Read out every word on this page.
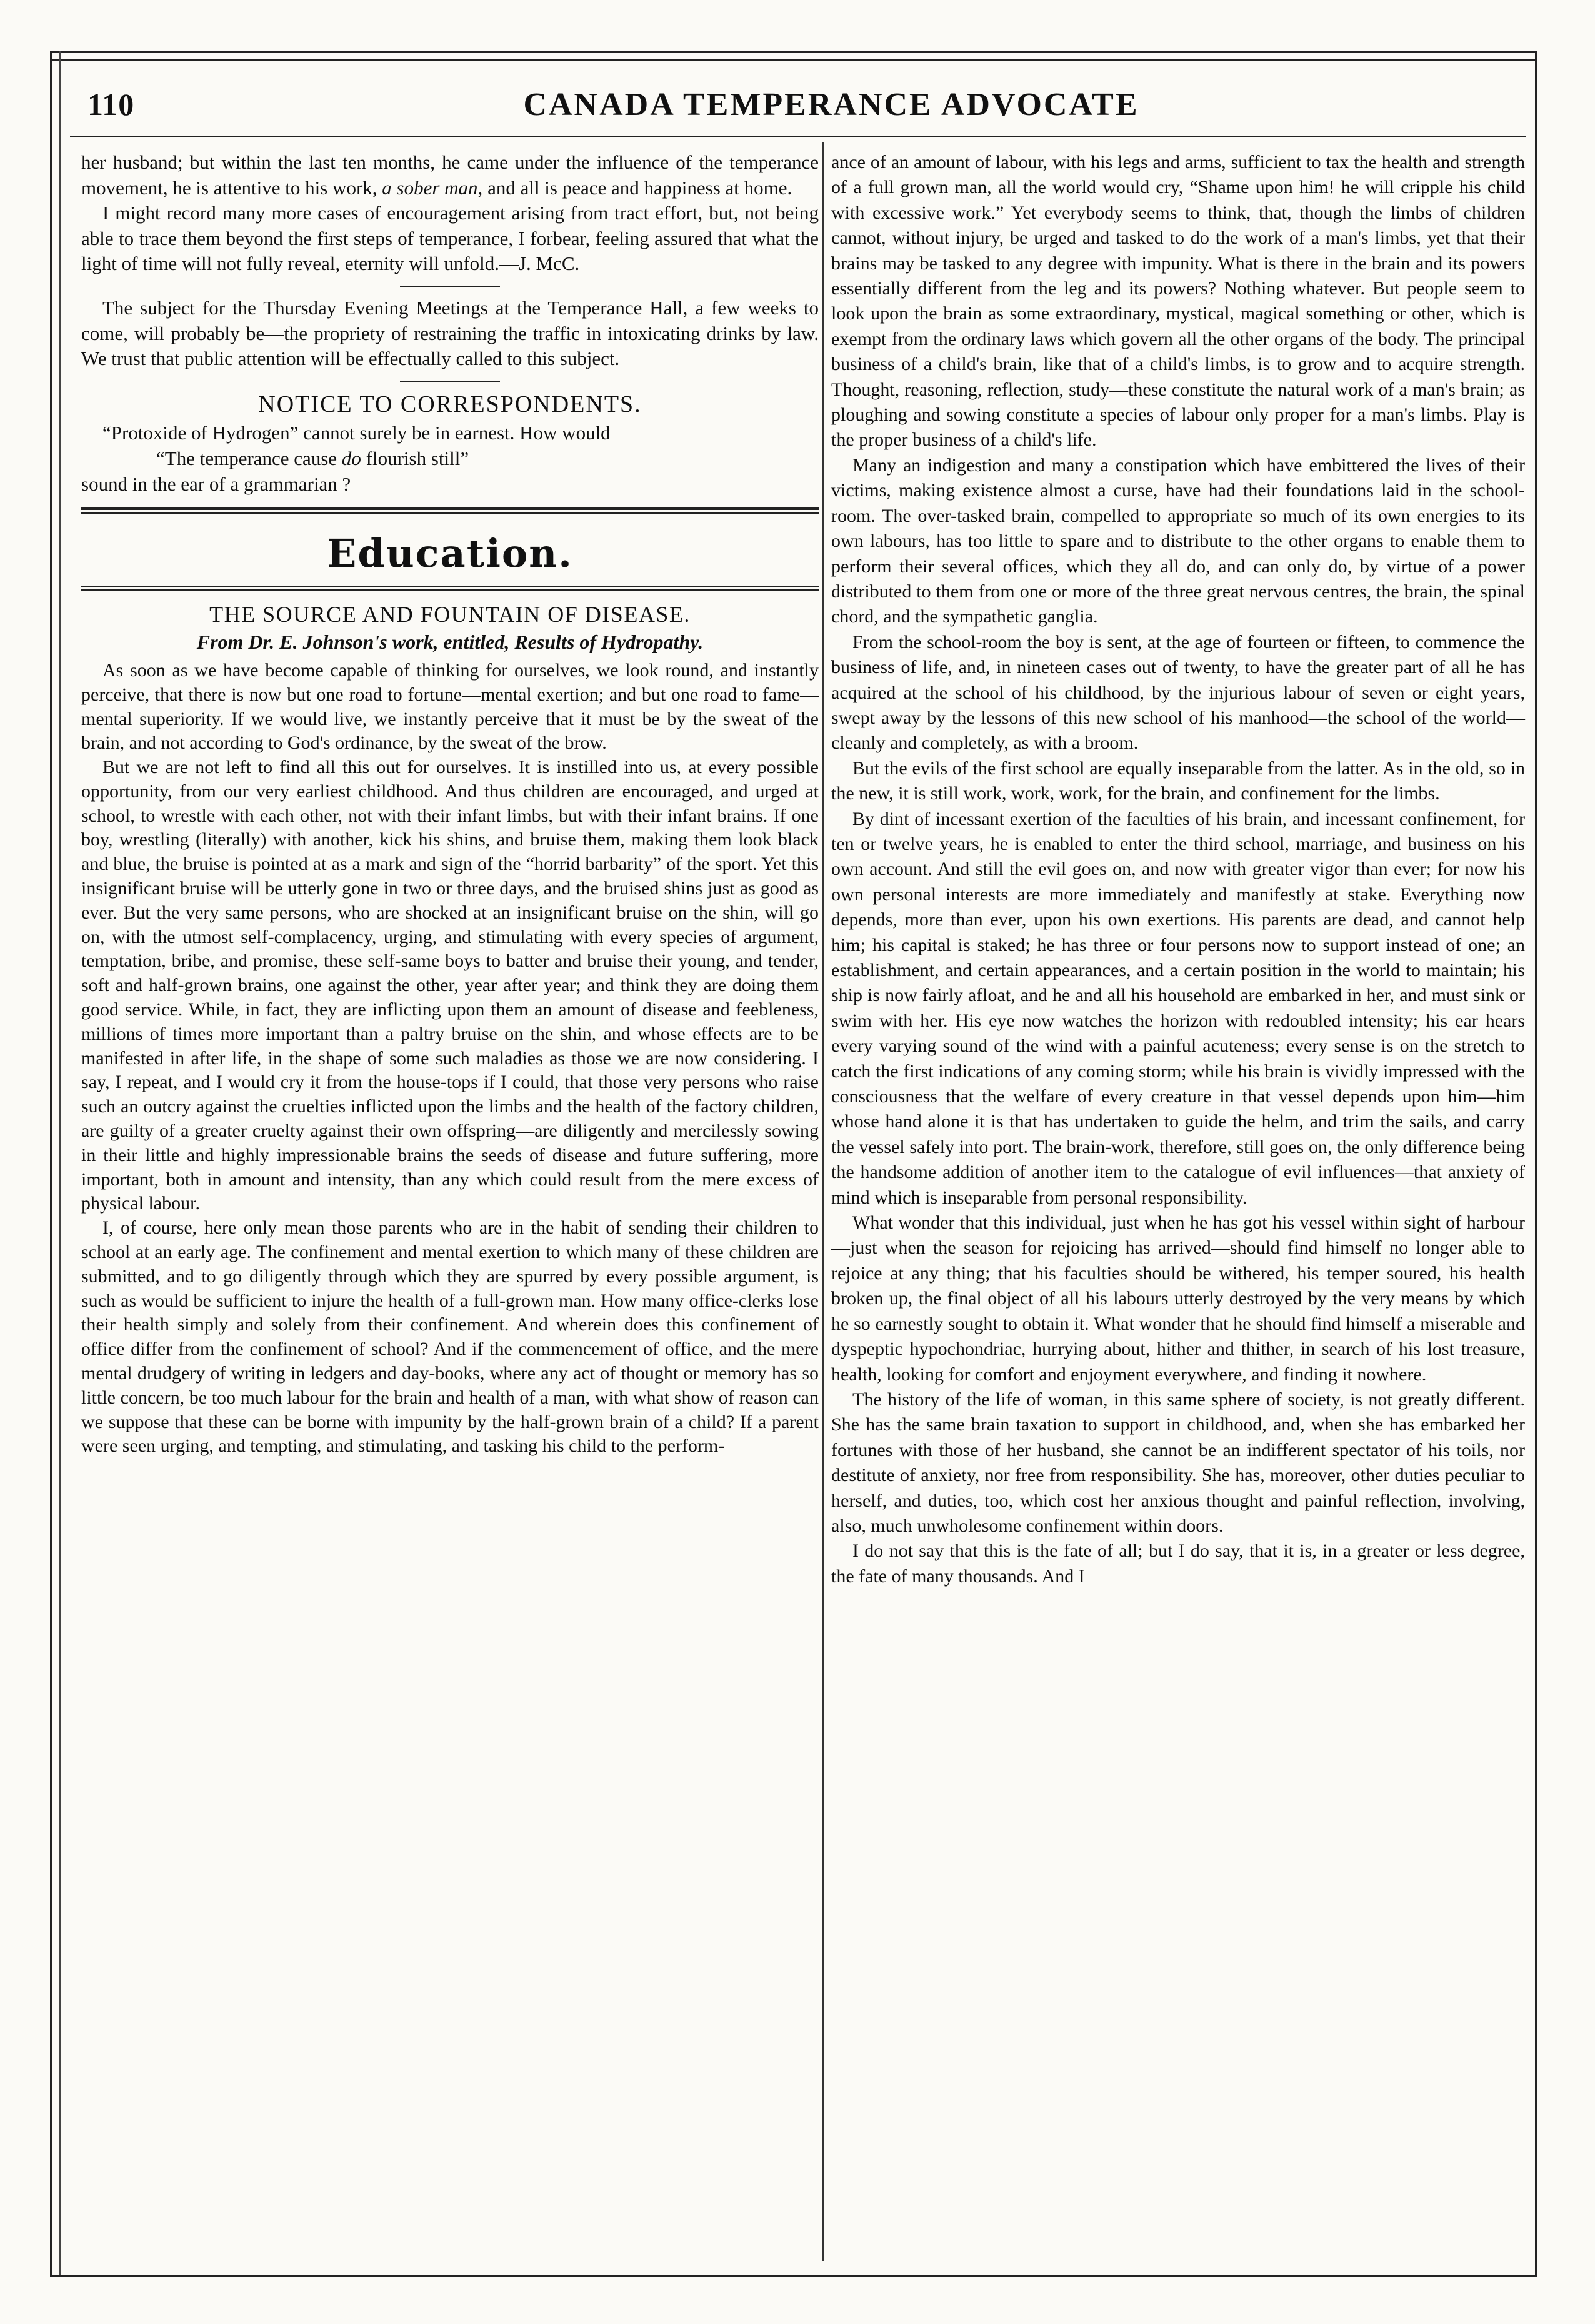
110	CANADA TEMPERANCE ADVOCATE

her husband; but within the last ten months, he came under the influence of the temperance movement, he is attentive to his work, a sober man, and all is peace and happiness at home.

I might record many more cases of encouragement arising from tract effort, but, not being able to trace them beyond the first steps of temperance, I forbear, feeling assured that what the light of time will not fully reveal, eternity will unfold.—J. McC.

The subject for the Thursday Evening Meetings at the Temperance Hall, a few weeks to come, will probably be—the propriety of restraining the traffic in intoxicating drinks by law. We trust that public attention will be effectually called to this subject.

NOTICE TO CORRESPONDENTS.

“Protoxide of Hydrogen” cannot surely be in earnest. How would

“The temperance cause do flourish still”

sound in the ear of a grammarian ?

Education.
THE SOURCE AND FOUNTAIN OF DISEASE.
From Dr. E. Johnson's work, entitled, Results of Hydropathy.

As soon as we have become capable of thinking for ourselves, we look round, and instantly perceive, that there is now but one road to fortune—mental exertion; and but one road to fame—mental superiority. If we would live, we instantly perceive that it must be by the sweat of the brain, and not according to God's ordinance, by the sweat of the brow.

But we are not left to find all this out for ourselves. It is instilled into us, at every possible opportunity, from our very earliest childhood. And thus children are encouraged, and urged at school, to wrestle with each other, not with their infant limbs, but with their infant brains. If one boy, wrestling (literally) with another, kick his shins, and bruise them, making them look black and blue, the bruise is pointed at as a mark and sign of the “horrid barbarity” of the sport. Yet this insignificant bruise will be utterly gone in two or three days, and the bruised shins just as good as ever. But the very same persons, who are shocked at an insignificant bruise on the shin, will go on, with the utmost self-complacency, urging, and stimulating with every species of argument, temptation, bribe, and promise, these self-same boys to batter and bruise their young, and tender, soft and half-grown brains, one against the other, year after year; and think they are doing them good service. While, in fact, they are inflicting upon them an amount of disease and feebleness, millions of times more important than a paltry bruise on the shin, and whose effects are to be manifested in after life, in the shape of some such maladies as those we are now considering. I say, I repeat, and I would cry it from the house-tops if I could, that those very persons who raise such an outcry against the cruelties inflicted upon the limbs and the health of the factory children, are guilty of a greater cruelty against their own offspring—are diligently and mercilessly sowing in their little and highly impressionable brains the seeds of disease and future suffering, more important, both in amount and intensity, than any which could result from the mere excess of physical labour.

I, of course, here only mean those parents who are in the habit of sending their children to school at an early age. The confinement and mental exertion to which many of these children are submitted, and to go diligently through which they are spurred by every possible argument, is such as would be sufficient to injure the health of a full-grown man. How many office-clerks lose their health simply and solely from their confinement. And wherein does this confinement of office differ from the confinement of school? And if the commencement of office, and the mere mental drudgery of writing in ledgers and day-books, where any act of thought or memory has so little concern, be too much labour for the brain and health of a man, with what show of reason can we suppose that these can be borne with impunity by the half-grown brain of a child? If a parent were seen urging, and tempting, and stimulating, and tasking his child to the perform-

ance of an amount of labour, with his legs and arms, sufficient to tax the health and strength of a full grown man, all the world would cry, “Shame upon him! he will cripple his child with excessive work.” Yet everybody seems to think, that, though the limbs of children cannot, without injury, be urged and tasked to do the work of a man's limbs, yet that their brains may be tasked to any degree with impunity. What is there in the brain and its powers essentially different from the leg and its powers? Nothing whatever. But people seem to look upon the brain as some extraordinary, mystical, magical something or other, which is exempt from the ordinary laws which govern all the other organs of the body. The principal business of a child's brain, like that of a child's limbs, is to grow and to acquire strength. Thought, reasoning, reflection, study—these constitute the natural work of a man's brain; as ploughing and sowing constitute a species of labour only proper for a man's limbs. Play is the proper business of a child's life.

Many an indigestion and many a constipation which have embittered the lives of their victims, making existence almost a curse, have had their foundations laid in the school-room. The over-tasked brain, compelled to appropriate so much of its own energies to its own labours, has too little to spare and to distribute to the other organs to enable them to perform their several offices, which they all do, and can only do, by virtue of a power distributed to them from one or more of the three great nervous centres, the brain, the spinal chord, and the sympathetic ganglia.

From the school-room the boy is sent, at the age of fourteen or fifteen, to commence the business of life, and, in nineteen cases out of twenty, to have the greater part of all he has acquired at the school of his childhood, by the injurious labour of seven or eight years, swept away by the lessons of this new school of his manhood—the school of the world—cleanly and completely, as with a broom.

But the evils of the first school are equally inseparable from the latter. As in the old, so in the new, it is still work, work, work, for the brain, and confinement for the limbs.

By dint of incessant exertion of the faculties of his brain, and incessant confinement, for ten or twelve years, he is enabled to enter the third school, marriage, and business on his own account. And still the evil goes on, and now with greater vigor than ever; for now his own personal interests are more immediately and manifestly at stake. Everything now depends, more than ever, upon his own exertions. His parents are dead, and cannot help him; his capital is staked; he has three or four persons now to support instead of one; an establishment, and certain appearances, and a certain position in the world to maintain; his ship is now fairly afloat, and he and all his household are embarked in her, and must sink or swim with her. His eye now watches the horizon with redoubled intensity; his ear hears every varying sound of the wind with a painful acuteness; every sense is on the stretch to catch the first indications of any coming storm; while his brain is vividly impressed with the consciousness that the welfare of every creature in that vessel depends upon him—him whose hand alone it is that has undertaken to guide the helm, and trim the sails, and carry the vessel safely into port. The brain-work, therefore, still goes on, the only difference being the handsome addition of another item to the catalogue of evil influences—that anxiety of mind which is inseparable from personal responsibility.

What wonder that this individual, just when he has got his vessel within sight of harbour—just when the season for rejoicing has arrived—should find himself no longer able to rejoice at any thing; that his faculties should be withered, his temper soured, his health broken up, the final object of all his labours utterly destroyed by the very means by which he so earnestly sought to obtain it. What wonder that he should find himself a miserable and dyspeptic hypochondriac, hurrying about, hither and thither, in search of his lost treasure, health, looking for comfort and enjoyment everywhere, and finding it nowhere.

The history of the life of woman, in this same sphere of society, is not greatly different. She has the same brain taxation to support in childhood, and, when she has embarked her fortunes with those of her husband, she cannot be an indifferent spectator of his toils, nor destitute of anxiety, nor free from responsibility. She has, moreover, other duties peculiar to herself, and duties, too, which cost her anxious thought and painful reflection, involving, also, much unwholesome confinement within doors.

I do not say that this is the fate of all; but I do say, that it is, in a greater or less degree, the fate of many thousands. And I
